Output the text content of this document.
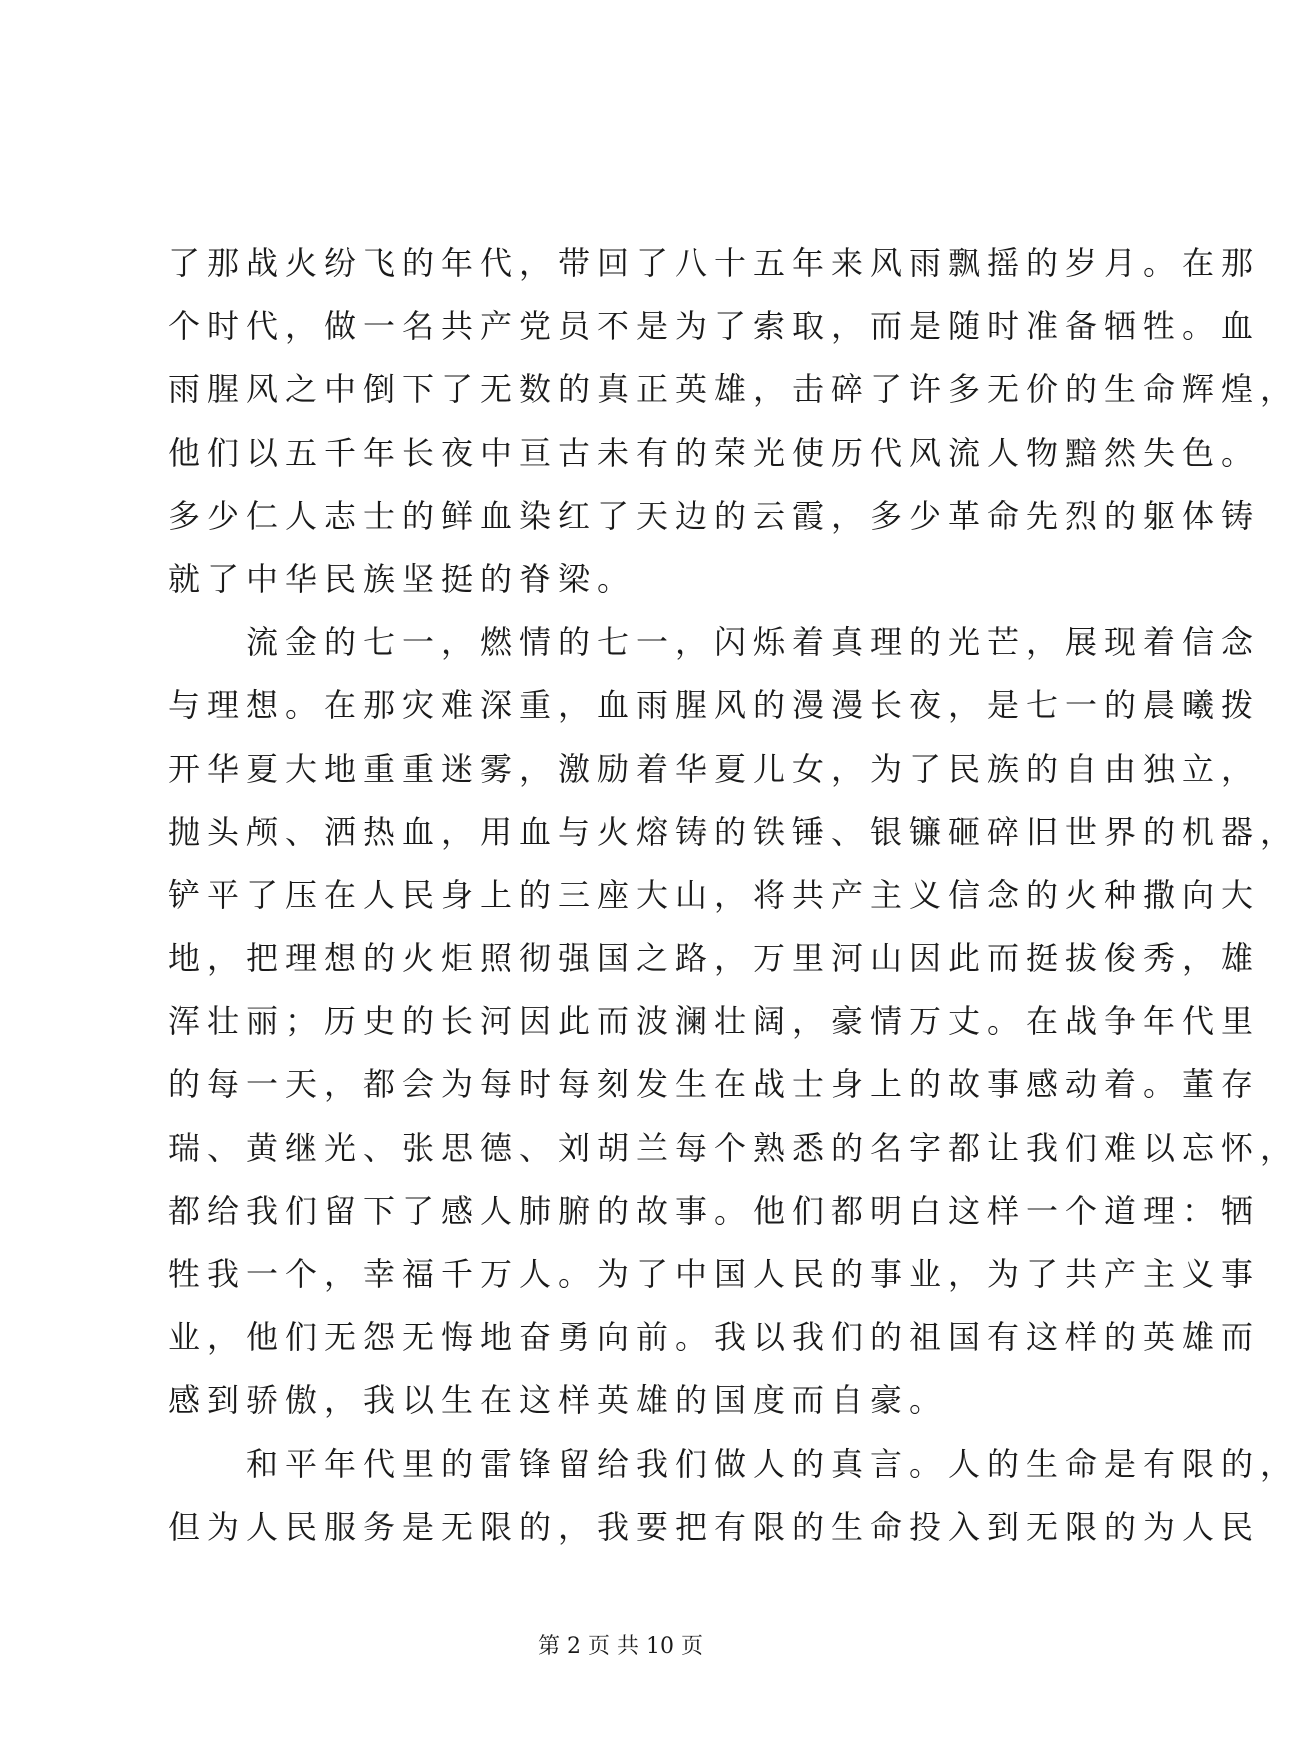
了那战火纷飞的年代，带回了八十五年来风雨飘摇的岁月。在那
个时代，做一名共产党员不是为了索取，而是随时准备牺牲。血
雨腥风之中倒下了无数的真正英雄，击碎了许多无价的生命辉煌，
他们以五千年长夜中亘古未有的荣光使历代风流人物黯然失色。
多少仁人志士的鲜血染红了天边的云霞，多少革命先烈的躯体铸
就了中华民族坚挺的脊梁。
　　流金的七一，燃情的七一，闪烁着真理的光芒，展现着信念
与理想。在那灾难深重，血雨腥风的漫漫长夜，是七一的晨曦拨
开华夏大地重重迷雾，激励着华夏儿女，为了民族的自由独立，
抛头颅、洒热血，用血与火熔铸的铁锤、银镰砸碎旧世界的机器，
铲平了压在人民身上的三座大山，将共产主义信念的火种撒向大
地，把理想的火炬照彻强国之路，万里河山因此而挺拔俊秀，雄
浑壮丽；历史的长河因此而波澜壮阔，豪情万丈。在战争年代里
的每一天，都会为每时每刻发生在战士身上的故事感动着。董存
瑞、黄继光、张思德、刘胡兰每个熟悉的名字都让我们难以忘怀，
都给我们留下了感人肺腑的故事。他们都明白这样一个道理：牺
牲我一个，幸福千万人。为了中国人民的事业，为了共产主义事
业，他们无怨无悔地奋勇向前。我以我们的祖国有这样的英雄而
感到骄傲，我以生在这样英雄的国度而自豪。
　　和平年代里的雷锋留给我们做人的真言。人的生命是有限的，
但为人民服务是无限的，我要把有限的生命投入到无限的为人民
第 2 页 共 10 页
